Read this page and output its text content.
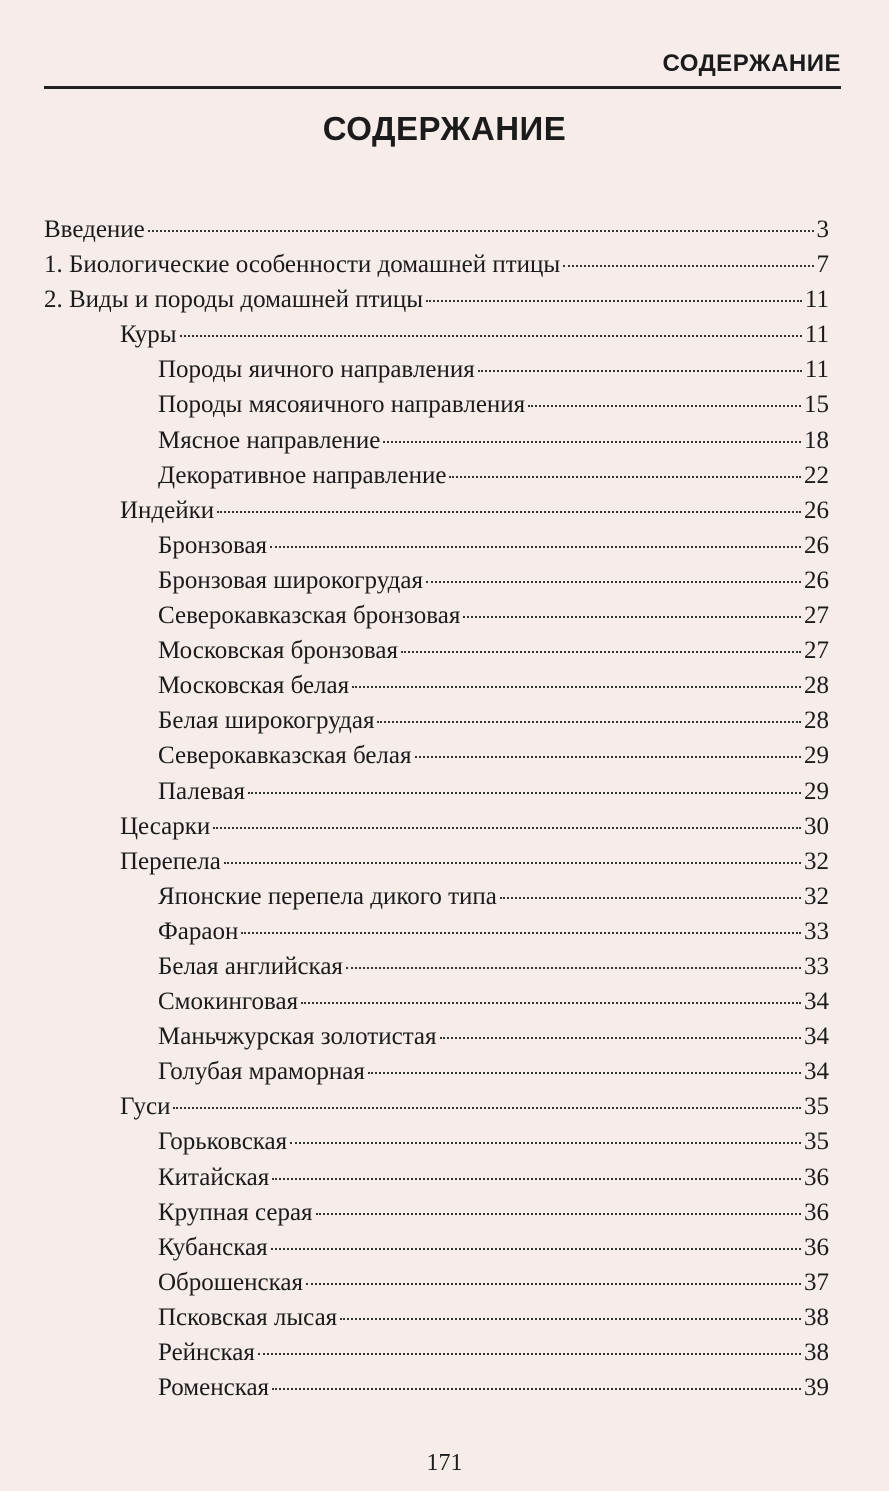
СОДЕРЖАНИЕ
СОДЕРЖАНИЕ
Введение	3
1. Биологические особенности домашней птицы	7
2. Виды и породы домашней птицы	11
Куры	11
Породы яичного направления	11
Породы мясояичного направления	15
Мясное направление	18
Декоративное направление	22
Индейки	26
Бронзовая	26
Бронзовая широкогрудая	26
Северокавказская бронзовая	27
Московская бронзовая	27
Московская белая	28
Белая широкогрудая	28
Северокавказская белая	29
Палевая	29
Цесарки	30
Перепела	32
Японские перепела дикого типа	32
Фараон	33
Белая английская	33
Смокинговая	34
Маньчжурская золотистая	34
Голубая мраморная	34
Гуси	35
Горьковская	35
Китайская	36
Крупная серая	36
Кубанская	36
Оброшенская	37
Псковская лысая	38
Рейнская	38
Роменская	39
171
